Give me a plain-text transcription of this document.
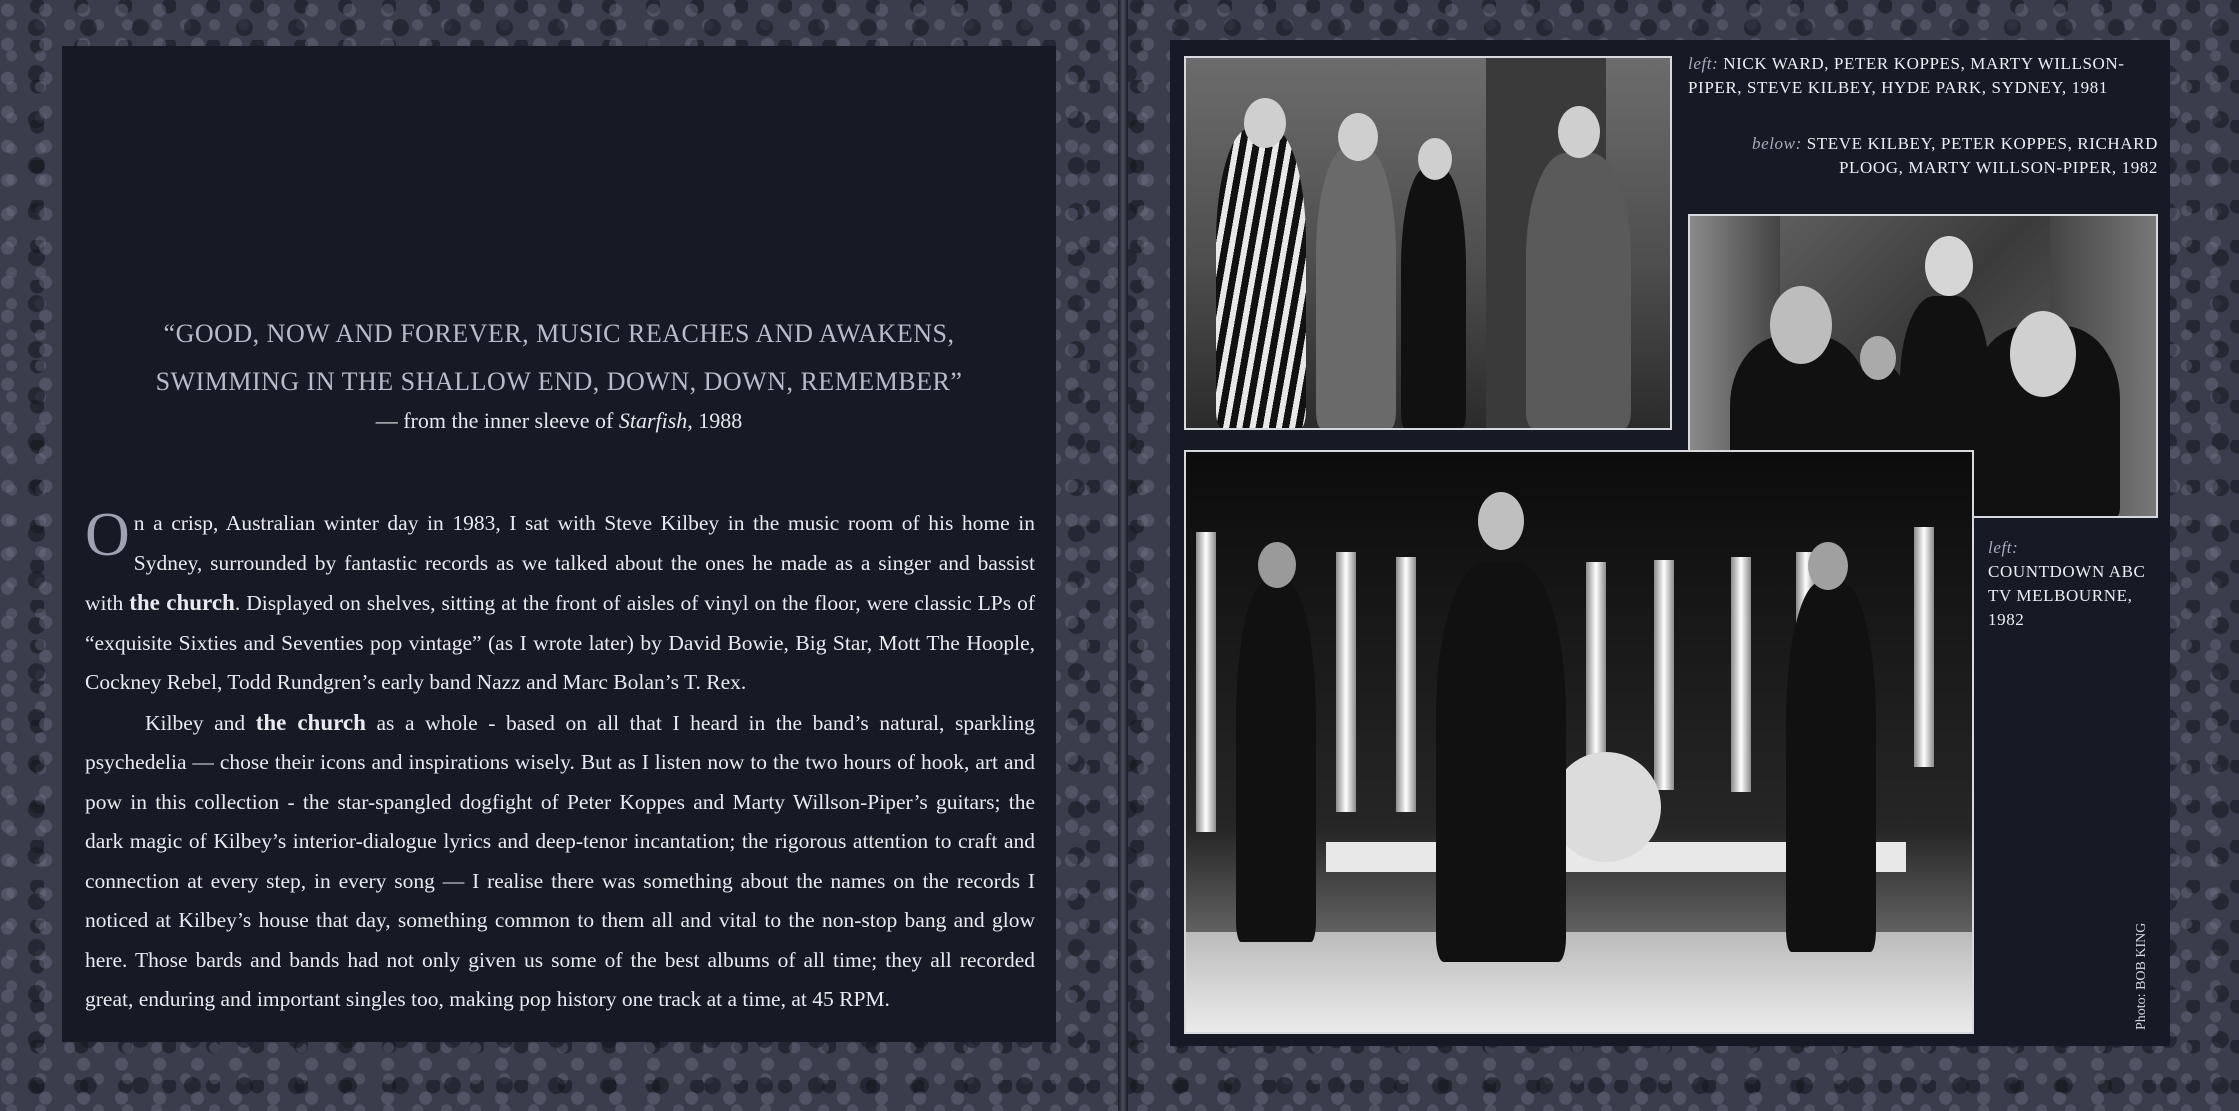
“GOOD, NOW AND FOREVER, MUSIC REACHES AND AWAKENS,
SWIMMING IN THE SHALLOW END, DOWN, DOWN, REMEMBER”
— from the inner sleeve of Starfish, 1988

On a crisp, Australian winter day in 1983, I sat with Steve Kilbey in the music room of his home in Sydney, surrounded by fantastic records as we talked about the ones he made as a singer and bassist with the church. Displayed on shelves, sitting at the front of aisles of vinyl on the floor, were classic LPs of “exquisite Sixties and Seventies pop vintage” (as I wrote later) by David Bowie, Big Star, Mott The Hoople, Cockney Rebel, Todd Rundgren’s early band Nazz and Marc Bolan’s T. Rex.

Kilbey and the church as a whole - based on all that I heard in the band’s natural, sparkling psychedelia — chose their icons and inspirations wisely. But as I listen now to the two hours of hook, art and pow in this collection - the star-spangled dogfight of Peter Koppes and Marty Willson-Piper’s guitars; the dark magic of Kilbey’s interior-dialogue lyrics and deep-tenor incantation; the rigorous attention to craft and connection at every step, in every song — I realise there was something about the names on the records I noticed at Kilbey’s house that day, something common to them all and vital to the non-stop bang and glow here. Those bards and bands had not only given us some of the best albums of all time; they all recorded great, enduring and important singles too, making pop history one track at a time, at 45 RPM.

left: NICK WARD, PETER KOPPES, MARTY WILLSON-PIPER, STEVE KILBEY, HYDE PARK, SYDNEY, 1981
below: STEVE KILBEY, PETER KOPPES, RICHARD PLOOG, MARTY WILLSON-PIPER, 1982
left:
COUNTDOWN ABC TV MELBOURNE, 1982
Photo: BOB KING
